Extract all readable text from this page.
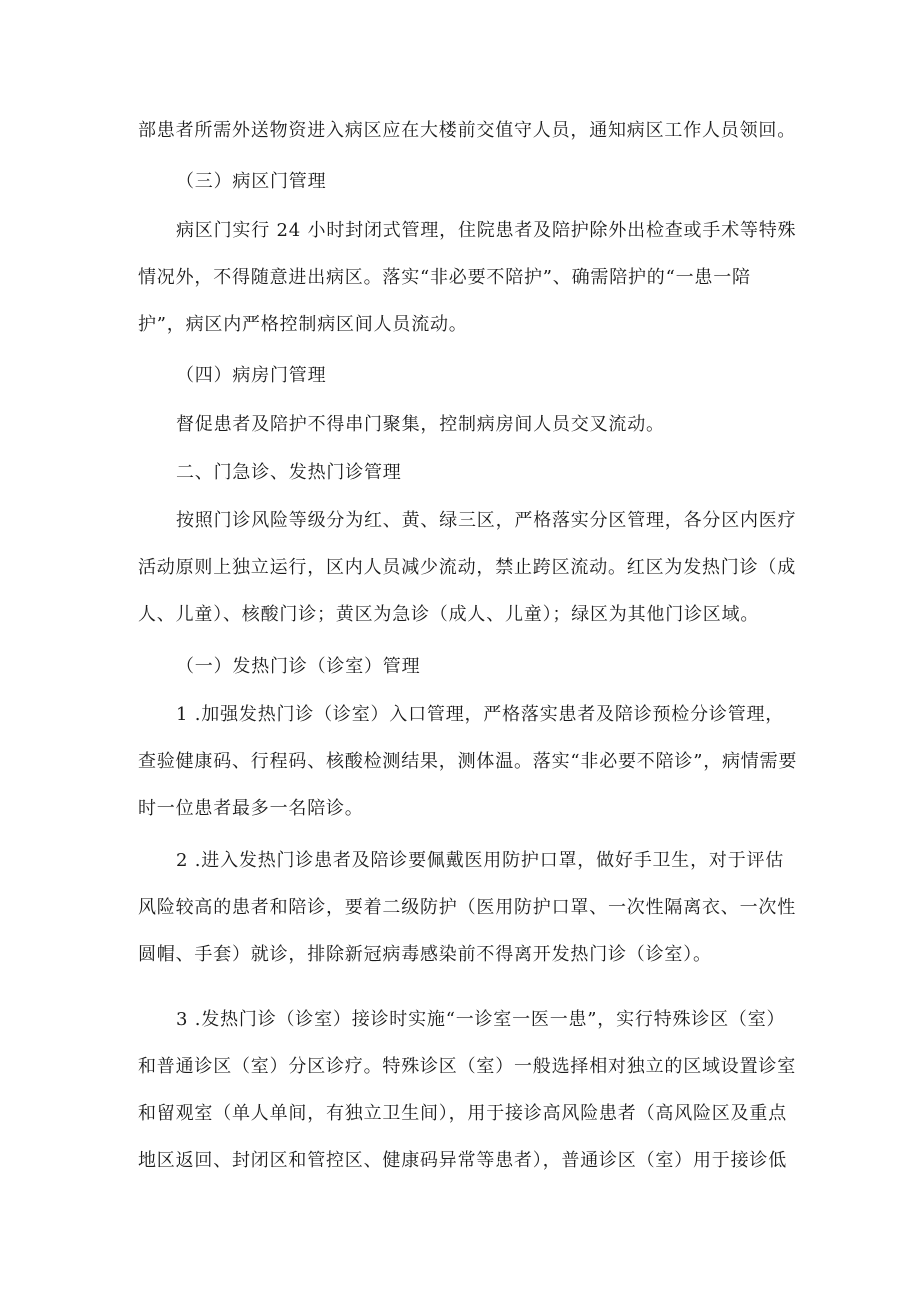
部患者所需外送物资进入病区应在大楼前交值守人员，通知病区工作人员领回。

（三）病区门管理

病区门实行 24 小时封闭式管理，住院患者及陪护除外出检查或手术等特殊情况外，不得随意进出病区。落实“非必要不陪护”、确需陪护的“一患一陪护”，病区内严格控制病区间人员流动。

（四）病房门管理

督促患者及陪护不得串门聚集，控制病房间人员交叉流动。

二、门急诊、发热门诊管理

按照门诊风险等级分为红、黄、绿三区，严格落实分区管理，各分区内医疗活动原则上独立运行，区内人员减少流动，禁止跨区流动。红区为发热门诊（成人、儿童）、核酸门诊；黄区为急诊（成人、儿童）；绿区为其他门诊区域。

（一）发热门诊（诊室）管理

1 .加强发热门诊（诊室）入口管理，严格落实患者及陪诊预检分诊管理，查验健康码、行程码、核酸检测结果，测体温。落实“非必要不陪诊”，病情需要时一位患者最多一名陪诊。

2 .进入发热门诊患者及陪诊要佩戴医用防护口罩，做好手卫生，对于评估风险较高的患者和陪诊，要着二级防护（医用防护口罩、一次性隔离衣、一次性圆帽、手套）就诊，排除新冠病毒感染前不得离开发热门诊（诊室）。

3 .发热门诊（诊室）接诊时实施“一诊室一医一患”，实行特殊诊区（室）和普通诊区（室）分区诊疗。特殊诊区（室）一般选择相对独立的区域设置诊室和留观室（单人单间，有独立卫生间），用于接诊高风险患者（高风险区及重点地区返回、封闭区和管控区、健康码异常等患者），普通诊区（室）用于接诊低
